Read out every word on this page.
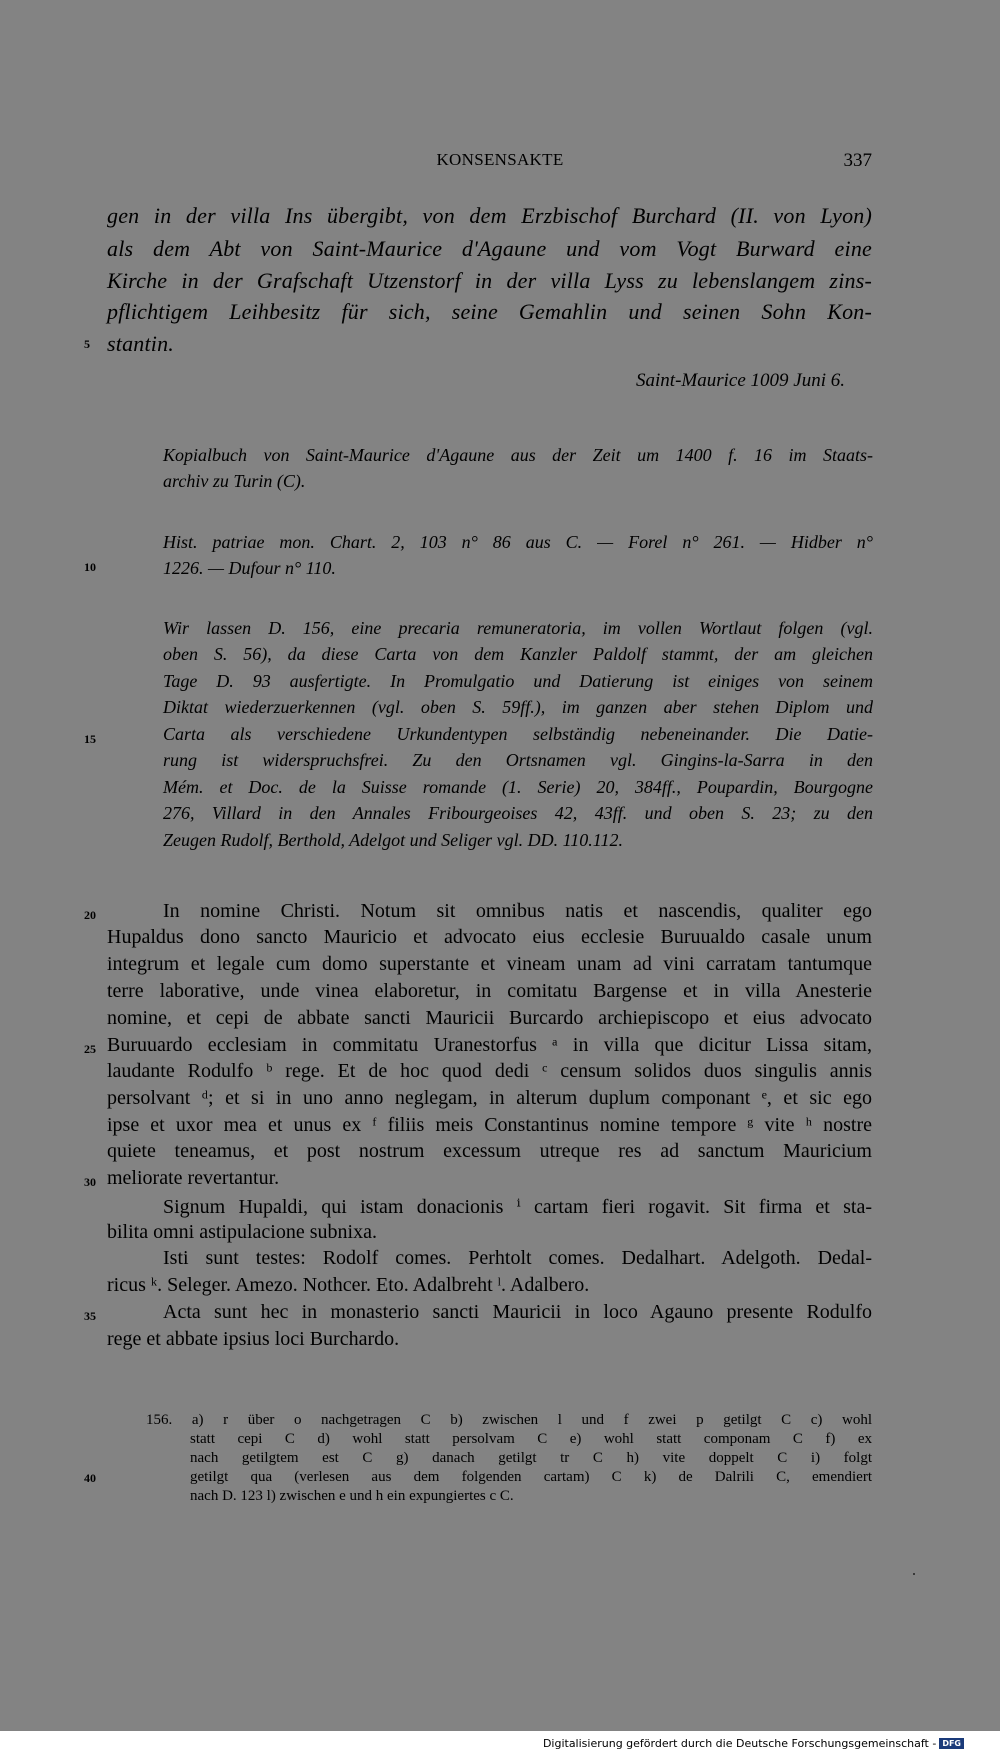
KONSENSAKTE	337
gen in der villa Ins übergibt, von dem Erzbischof Burchard (II. von Lyon)
als dem Abt von Saint-Maurice d'Agaune und vom Vogt Burward eine
Kirche in der Grafschaft Utzenstorf in der villa Lyss zu lebenslangem zins-
pflichtigem Leihbesitz für sich, seine Gemahlin und seinen Sohn Kon-
stantin.
Saint-Maurice 1009 Juni 6.
Kopialbuch von Saint-Maurice d'Agaune aus der Zeit um 1400 f. 16 im Staats-
archiv zu Turin (C).
Hist. patriae mon. Chart. 2, 103 n° 86 aus C. — Forel n° 261. — Hidber n°
1226. — Dufour n° 110.
Wir lassen D. 156, eine precaria remuneratoria, im vollen Wortlaut folgen (vgl.
oben S. 56), da diese Carta von dem Kanzler Paldolf stammt, der am gleichen
Tage D. 93 ausfertigte. In Promulgatio und Datierung ist einiges von seinem
Diktat wiederzuerkennen (vgl. oben S. 59ff.), im ganzen aber stehen Diplom und
Carta als verschiedene Urkundentypen selbständig nebeneinander. Die Datie-
rung ist widerspruchsfrei. Zu den Ortsnamen vgl. Gingins-la-Sarra in den
Mém. et Doc. de la Suisse romande (1. Serie) 20, 384ff., Poupardin, Bourgogne
276, Villard in den Annales Fribourgeoises 42, 43ff. und oben S. 23; zu den
Zeugen Rudolf, Berthold, Adelgot und Seliger vgl. DD. 110.112.
In nomine Christi. Notum sit omnibus natis et nascendis, qualiter ego
Hupaldus dono sancto Mauricio et advocato eius ecclesie Buruualdo casale unum
integrum et legale cum domo superstante et vineam unam ad vini carratam tantumque
terre laborative, unde vinea elaboretur, in comitatu Bargense et in villa Anesterie
nomine, et cepi de abbate sancti Mauricii Burcardo archiepiscopo et eius advocato
Buruuardo ecclesiam in commitatu Uranestorfus ᵃ in villa que dicitur Lissa sitam,
laudante Rodulfo ᵇ rege. Et de hoc quod dedi ᶜ censum solidos duos singulis annis
persolvant ᵈ; et si in uno anno neglegam, in alterum duplum componant ᵉ, et sic ego
ipse et uxor mea et unus ex ᶠ filiis meis Constantinus nomine tempore ᵍ vite ʰ nostre
quiete teneamus, et post nostrum excessum utreque res ad sanctum Mauricium
meliorate revertantur.
Signum Hupaldi, qui istam donacionis ⁱ cartam fieri rogavit. Sit firma et sta-
bilita omni astipulacione subnixa.
Isti sunt testes: Rodolf comes. Perhtolt comes. Dedalhart. Adelgoth. Dedal-
ricus ᵏ. Seleger. Amezo. Nothcer. Eto. Adalbreht ˡ. Adalbero.
Acta sunt hec in monasterio sancti Mauricii in loco Agauno presente Rodulfo
rege et abbate ipsius loci Burchardo.
156. a) r über o nachgetragen C b) zwischen l und f zwei p getilgt C c) wohl
statt cepi C d) wohl statt persolvam C e) wohl statt componam C f) ex
nach getilgtem est C g) danach getilgt tr C h) vite doppelt C i) folgt
getilgt qua (verlesen aus dem folgenden cartam) C k) de Dalrili C, emendiert
nach D. 123 l) zwischen e und h ein expungiertes c C.
5
10
15
20
25
30
35
40
Digitalisierung gefördert durch die Deutsche Forschungsgemeinschaft - DFG
